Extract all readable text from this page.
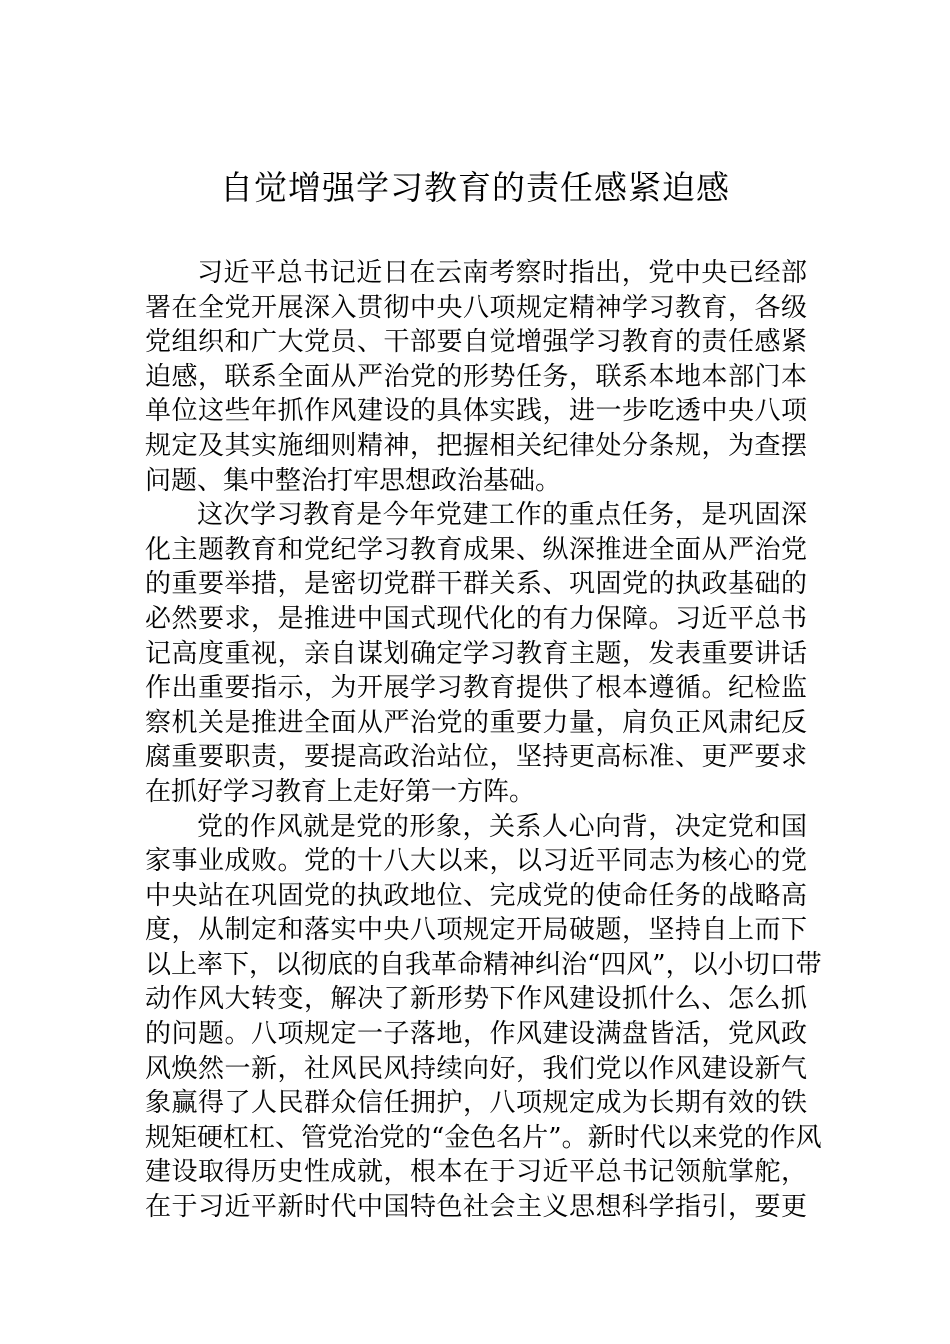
自觉增强学习教育的责任感紧迫感
习近平总书记近日在云南考察时指出，党中央已经部
署在全党开展深入贯彻中央八项规定精神学习教育，各级
党组织和广大党员、干部要自觉增强学习教育的责任感紧
迫感，联系全面从严治党的形势任务，联系本地本部门本
单位这些年抓作风建设的具体实践，进一步吃透中央八项
规定及其实施细则精神，把握相关纪律处分条规，为查摆
问题、集中整治打牢思想政治基础。
这次学习教育是今年党建工作的重点任务，是巩固深
化主题教育和党纪学习教育成果、纵深推进全面从严治党
的重要举措，是密切党群干群关系、巩固党的执政基础的
必然要求，是推进中国式现代化的有力保障。习近平总书
记高度重视，亲自谋划确定学习教育主题，发表重要讲话
作出重要指示，为开展学习教育提供了根本遵循。纪检监
察机关是推进全面从严治党的重要力量，肩负正风肃纪反
腐重要职责，要提高政治站位，坚持更高标准、更严要求
在抓好学习教育上走好第一方阵。
党的作风就是党的形象，关系人心向背，决定党和国
家事业成败。党的十八大以来，以习近平同志为核心的党
中央站在巩固党的执政地位、完成党的使命任务的战略高
度，从制定和落实中央八项规定开局破题，坚持自上而下
以上率下，以彻底的自我革命精神纠治“四风”，以小切口带
动作风大转变，解决了新形势下作风建设抓什么、怎么抓
的问题。八项规定一子落地，作风建设满盘皆活，党风政
风焕然一新，社风民风持续向好，我们党以作风建设新气
象赢得了人民群众信任拥护，八项规定成为长期有效的铁
规矩硬杠杠、管党治党的“金色名片”。新时代以来党的作风
建设取得历史性成就，根本在于习近平总书记领航掌舵，
在于习近平新时代中国特色社会主义思想科学指引，要更
